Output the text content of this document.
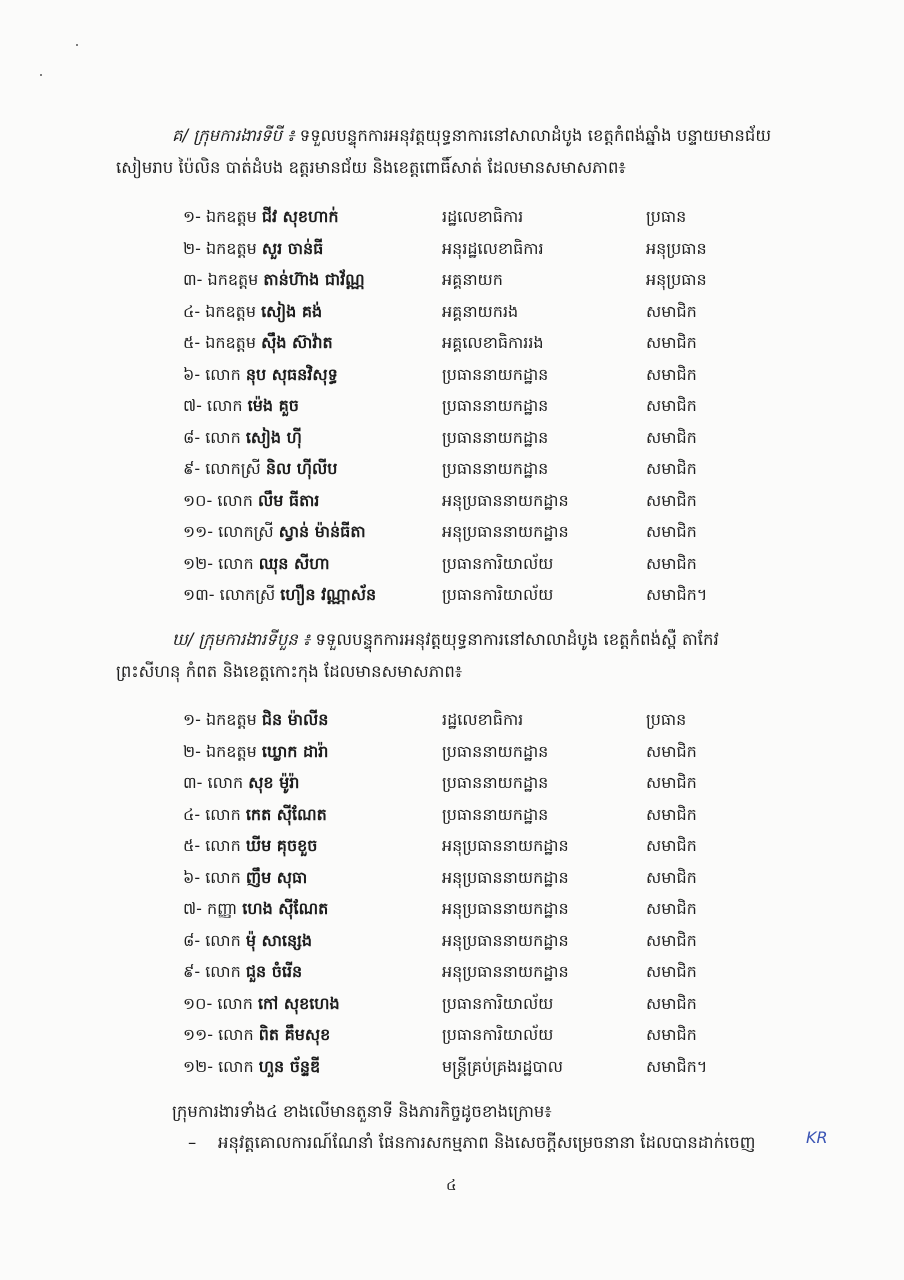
គ/ ក្រុមការងារទីបី ៖ ទទួលបន្ទុកការអនុវត្តយុទ្ធនាការនៅសាលាដំបូង ខេត្តកំពង់ឆ្នាំង បន្ទាយមានជ័យ
សៀមរាប ប៉ៃលិន បាត់ដំបង ឧត្តរមានជ័យ និងខេត្តពោធិ៍សាត់ ដែលមានសមាសភាព៖

១- ឯកឧត្តម ជីវ សុខហាក់	រដ្ឋលេខាធិការ	ប្រធាន
២- ឯកឧត្តម សួរ ចាន់ធី	អនុរដ្ឋលេខាធិការ	អនុប្រធាន
៣- ឯកឧត្តម តាន់ហ៊ាង ជាវ័ណ្ណ	អគ្គនាយក	អនុប្រធាន
៤- ឯកឧត្តម សៀង គង់	អគ្គនាយករង	សមាជិក
៥- ឯកឧត្តម ស៊ឹង ស៊ាវ៉ាត	អគ្គលេខាធិការរង	សមាជិក
៦- លោក នុប សុធនវិសុទ្ធ	ប្រធាននាយកដ្ឋាន	សមាជិក
៧- លោក ម៉េង គួច	ប្រធាននាយកដ្ឋាន	សមាជិក
៨- លោក សៀង ហ៊ី	ប្រធាននាយកដ្ឋាន	សមាជិក
៩- លោកស្រី និល ហ៊ីលីប	ប្រធាននាយកដ្ឋាន	សមាជិក
១០- លោក លឹម ធីតារ	អនុប្រធាននាយកដ្ឋាន	សមាជិក
១១- លោកស្រី ស្វាន់ ម៉ាន់ធីតា	អនុប្រធាននាយកដ្ឋាន	សមាជិក
១២- លោក ឈុន សីហា	ប្រធានការិយាល័យ	សមាជិក
១៣- លោកស្រី ហឿន វណ្ណាស័ន	ប្រធានការិយាល័យ	សមាជិក។

ឃ/ ក្រុមការងារទីបួន ៖ ទទួលបន្ទុកការអនុវត្តយុទ្ធនាការនៅសាលាដំបូង ខេត្តកំពង់ស្ពឺ តាកែវ
ព្រះសីហនុ កំពត និងខេត្តកោះកុង ដែលមានសមាសភាព៖

១- ឯកឧត្តម ជិន ម៉ាលីន	រដ្ឋលេខាធិការ	ប្រធាន
២- ឯកឧត្តម ឃ្លោក ដារ៉ា	ប្រធាននាយកដ្ឋាន	សមាជិក
៣- លោក សុខ ម៉ូរ៉ា	ប្រធាននាយកដ្ឋាន	សមាជិក
៤- លោក កេត ស៊ីណែត	ប្រធាននាយកដ្ឋាន	សមាជិក
៥- លោក ឃីម គុចខួច	អនុប្រធាននាយកដ្ឋាន	សមាជិក
៦- លោក ញឹម សុធា	អនុប្រធាននាយកដ្ឋាន	សមាជិក
៧- កញ្ញា ហេង ស៊ីណែត	អនុប្រធាននាយកដ្ឋាន	សមាជិក
៨- លោក ម៉ុ សាន្សេង	អនុប្រធាននាយកដ្ឋាន	សមាជិក
៩- លោក ជួន ចំរើន	អនុប្រធាននាយកដ្ឋាន	សមាជិក
១០- លោក កៅ សុខហេង	ប្រធានការិយាល័យ	សមាជិក
១១- លោក ពិត គឹមសុខ	ប្រធានការិយាល័យ	សមាជិក
១២- លោក ហួន ច័ន្ទឌី	មន្ត្រីគ្រប់គ្រងរដ្ឋបាល	សមាជិក។
ក្រុមការងារទាំង៤ ខាងលើមានតួនាទី និងភារកិច្ចដូចខាងក្រោម៖
– អនុវត្តគោលការណ៍ណែនាំ ផែនការសកម្មភាព និងសេចក្តីសម្រេចនានា ដែលបានដាក់ចេញ	KR
៤
